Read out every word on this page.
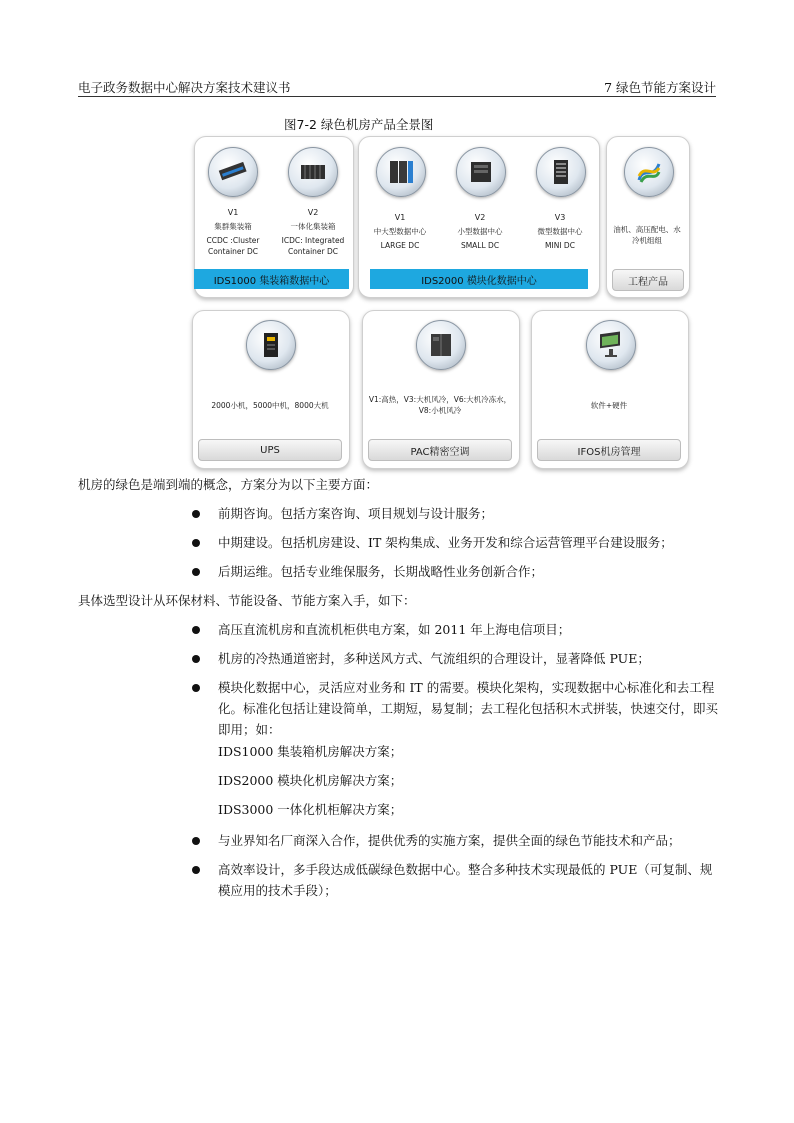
电子政务数据中心解决方案技术建议书	7 绿色节能方案设计
图7-2 绿色机房产品全景图
V1
集群集装箱
CCDC :Cluster Container DC
V2
一体化集装箱
ICDC: Integrated Container DC
IDS1000 集装箱数据中心
V1
中大型数据中心
LARGE DC
V2
小型数据中心
SMALL DC
V3
微型数据中心
MINI DC
IDS2000 模块化数据中心
油机、高压配电、水冷机组组
工程产品
2000小机，5000中机，8000大机
V1:高热，V3:大机风冷，V6:大机冷冻水，V8:小机风冷
软件+硬件
UPS	PAC精密空调	IFOS机房管理
机房的绿色是端到端的概念，方案分为以下主要方面：
前期咨询。包括方案咨询、项目规划与设计服务；
中期建设。包括机房建设、IT 架构集成、业务开发和综合运营管理平台建设服务；
后期运维。包括专业维保服务，长期战略性业务创新合作；
具体选型设计从环保材料、节能设备、节能方案入手，如下：
高压直流机房和直流机柜供电方案，如 2011 年上海电信项目；
机房的冷热通道密封，多种送风方式、气流组织的合理设计，显著降低 PUE；
模块化数据中心，灵活应对业务和 IT 的需要。模块化架构，实现数据中心标准化和去工程化。标准化包括让建设简单，工期短，易复制；去工程化包括积木式拼装，快速交付，即买即用；如：
IDS1000 集装箱机房解决方案；
IDS2000 模块化机房解决方案；
IDS3000 一体化机柜解决方案；
与业界知名厂商深入合作，提供优秀的实施方案，提供全面的绿色节能技术和产品；
高效率设计，多手段达成低碳绿色数据中心。整合多种技术实现最低的 PUE（可复制、规模应用的技术手段）；
